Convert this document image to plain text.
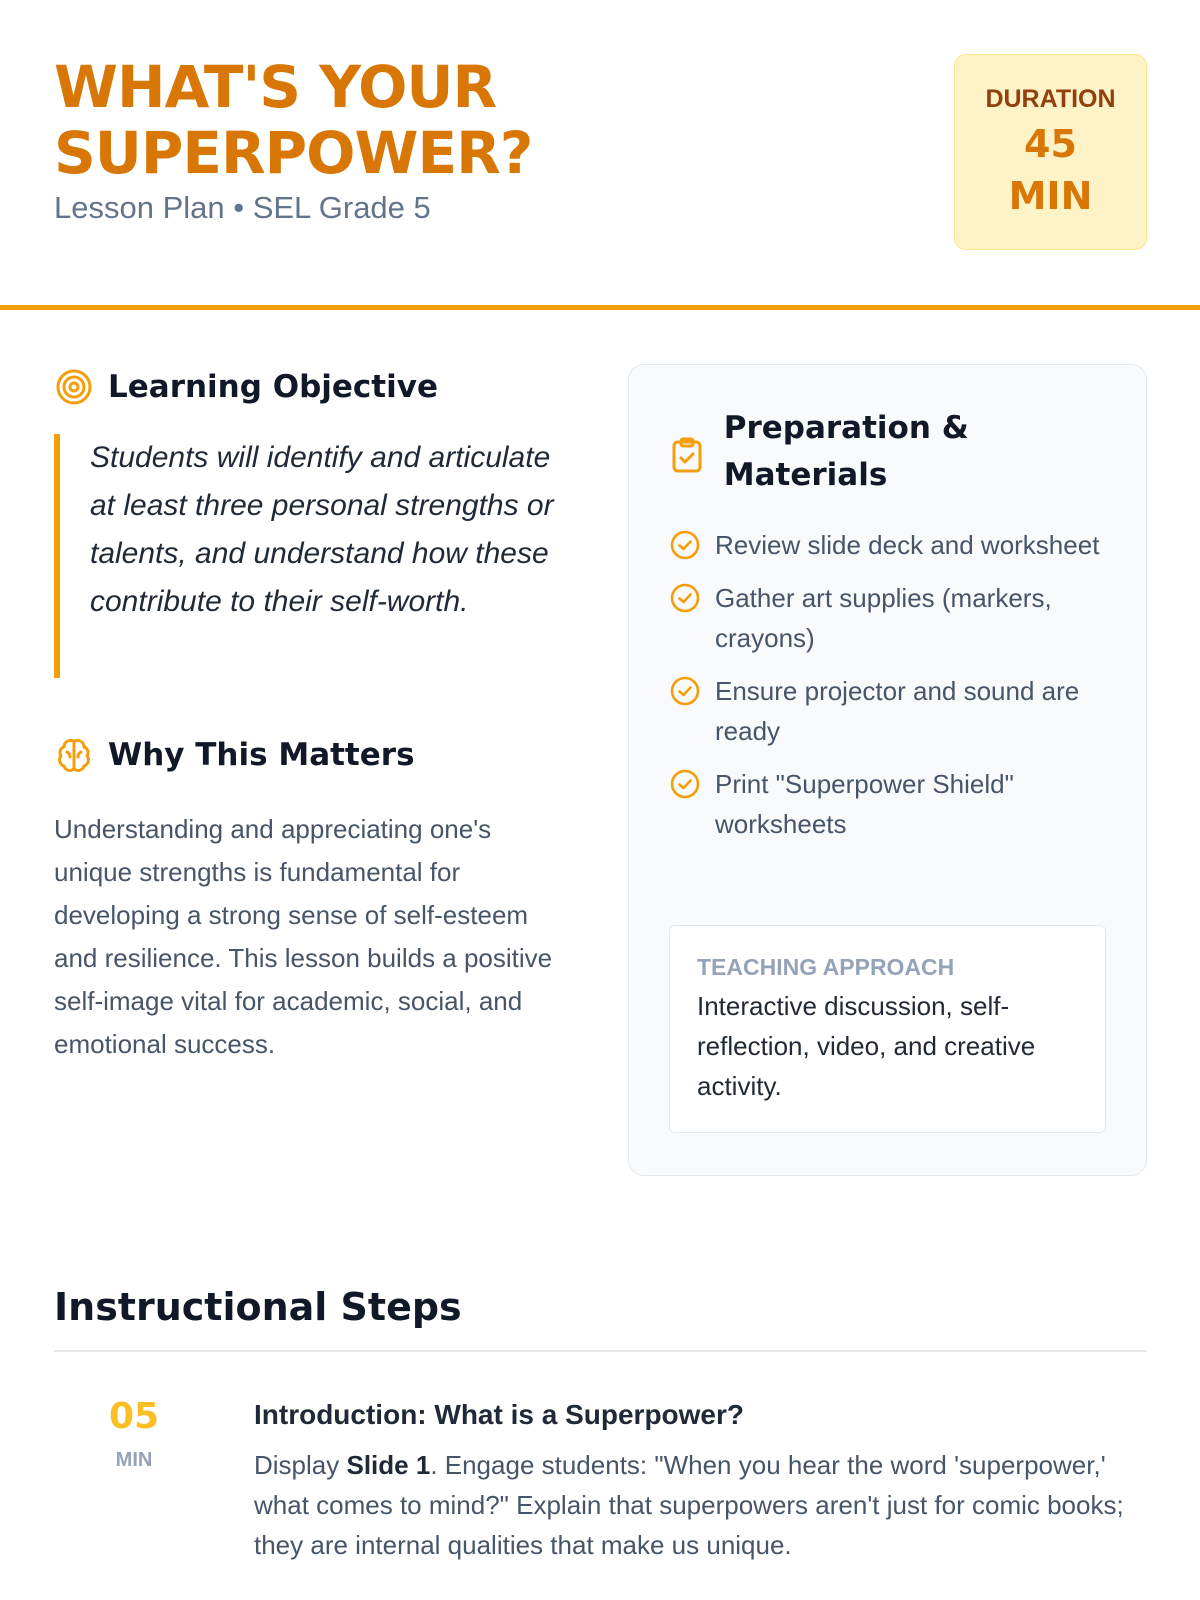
WHAT'S YOUR SUPERPOWER?
Lesson Plan • SEL Grade 5
DURATION
45
MIN
Learning Objective
Students will identify and articulate at least three personal strengths or talents, and understand how these contribute to their self-worth.
Why This Matters

Understanding and appreciating one's unique strengths is fundamental for developing a strong sense of self-esteem and resilience. This lesson builds a positive self-image vital for academic, social, and emotional success.

Preparation & Materials
Review slide deck and worksheet
Gather art supplies (markers, crayons)
Ensure projector and sound are ready
Print "Superpower Shield" worksheets
TEACHING APPROACH
Interactive discussion, self-reflection, video, and creative activity.
Instructional Steps
05
MIN
Introduction: What is a Superpower?

Display Slide 1. Engage students: "When you hear the word 'superpower,' what comes to mind?" Explain that superpowers aren't just for comic books; they are internal qualities that make us unique.
